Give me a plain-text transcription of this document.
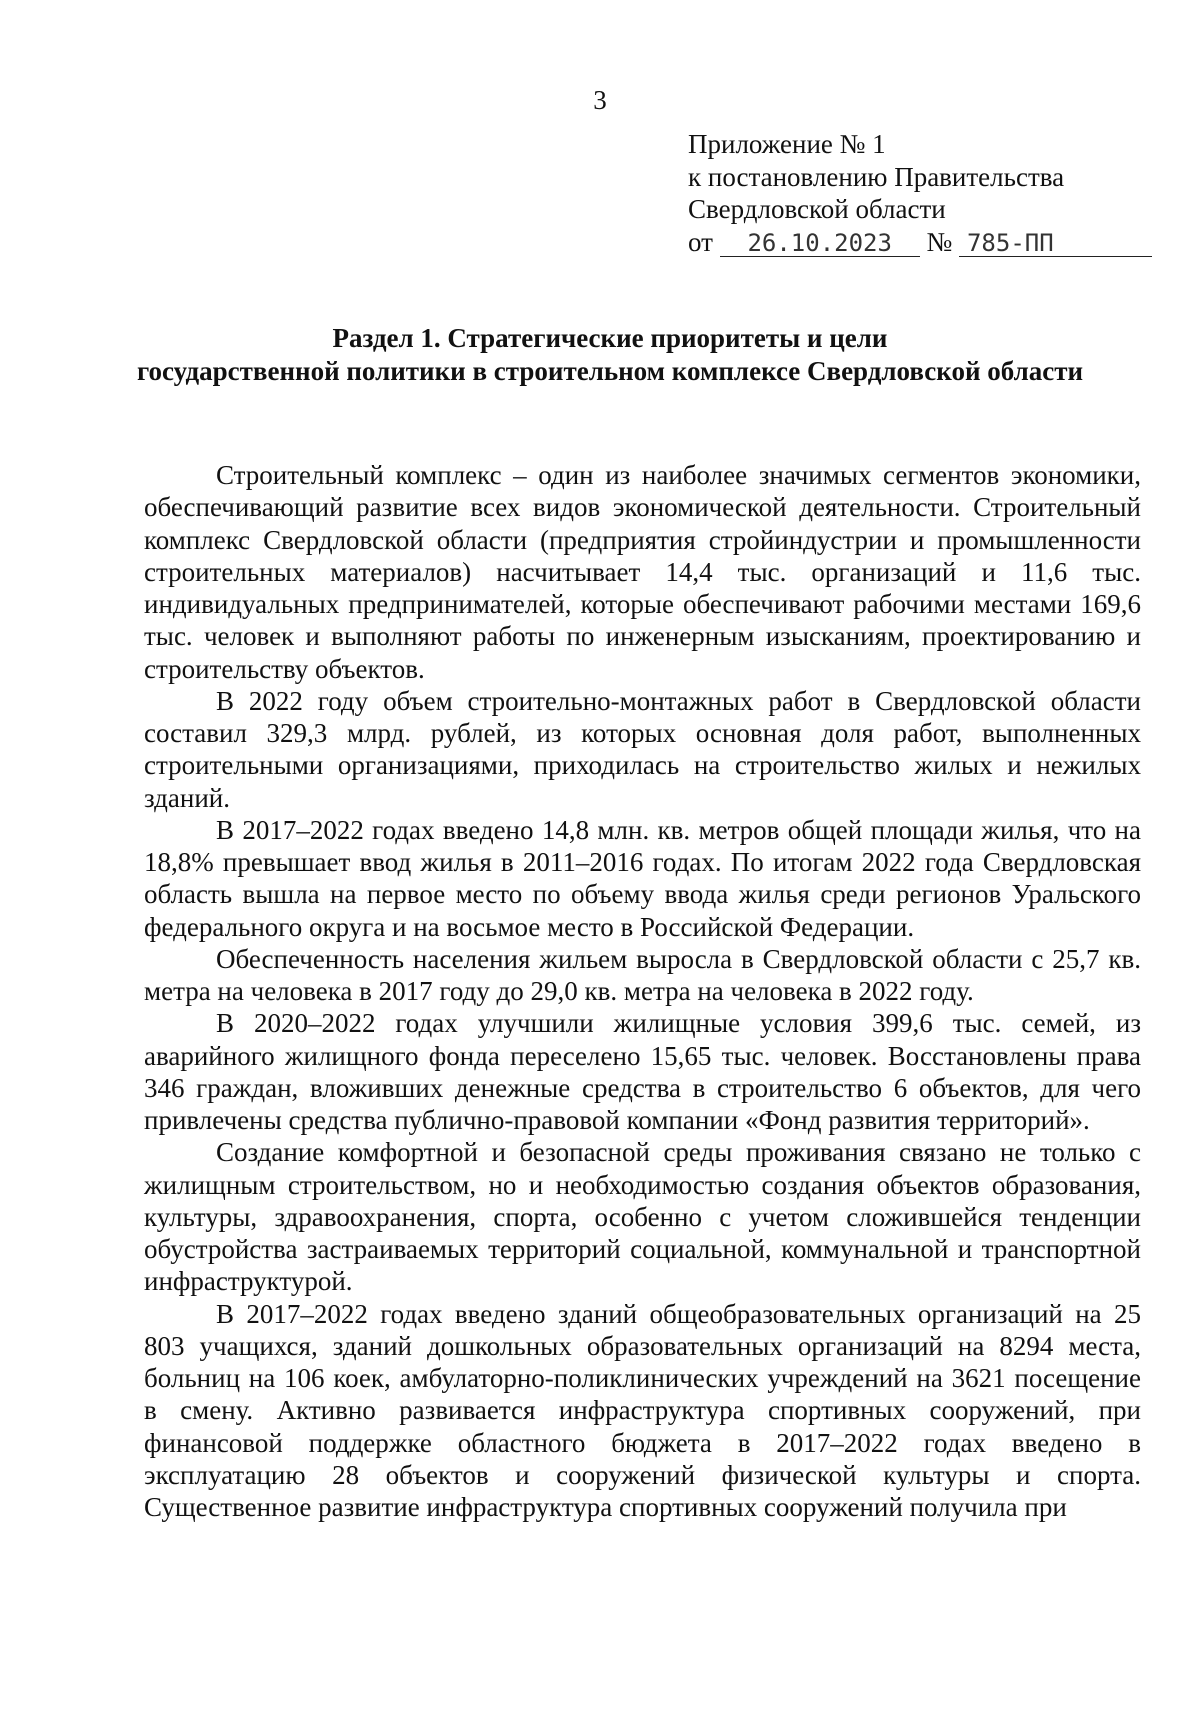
3
Приложение № 1
к постановлению Правительства
Свердловской области
от 26.10.2023 № 785-ПП
Раздел 1. Стратегические приоритеты и цели
государственной политики в строительном комплексе Свердловской области

Строительный комплекс – один из наиболее значимых сегментов экономики, обеспечивающий развитие всех видов экономической деятельности. Строительный комплекс Свердловской области (предприятия стройиндустрии и промышленности строительных материалов) насчитывает 14,4 тыс. организаций и 11,6 тыс. индивидуальных предпринимателей, которые обеспечивают рабочими местами 169,6 тыс. человек и выполняют работы по инженерным изысканиям, проектированию и строительству объектов.

В 2022 году объем строительно-монтажных работ в Свердловской области составил 329,3 млрд. рублей, из которых основная доля работ, выполненных строительными организациями, приходилась на строительство жилых и нежилых зданий.

В 2017–2022 годах введено 14,8 млн. кв. метров общей площади жилья, что на 18,8% превышает ввод жилья в 2011–2016 годах. По итогам 2022 года Свердловская область вышла на первое место по объему ввода жилья среди регионов Уральского федерального округа и на восьмое место в Российской Федерации.

Обеспеченность населения жильем выросла в Свердловской области с 25,7 кв. метра на человека в 2017 году до 29,0 кв. метра на человека в 2022 году.

В 2020–2022 годах улучшили жилищные условия 399,6 тыс. семей, из аварийного жилищного фонда переселено 15,65 тыс. человек. Восстановлены права 346 граждан, вложивших денежные средства в строительство 6 объектов, для чего привлечены средства публично-правовой компании «Фонд развития территорий».

Создание комфортной и безопасной среды проживания связано не только с жилищным строительством, но и необходимостью создания объектов образования, культуры, здравоохранения, спорта, особенно с учетом сложившейся тенденции обустройства застраиваемых территорий социальной, коммунальной и транспортной инфраструктурой.

В 2017–2022 годах введено зданий общеобразовательных организаций на 25 803 учащихся, зданий дошкольных образовательных организаций на 8294 места, больниц на 106 коек, амбулаторно-поликлинических учреждений на 3621 посещение в смену. Активно развивается инфраструктура спортивных сооружений, при финансовой поддержке областного бюджета в 2017–2022 годах введено в эксплуатацию 28 объектов и сооружений физической культуры и спорта. Существенное развитие инфраструктура спортивных сооружений получила при
